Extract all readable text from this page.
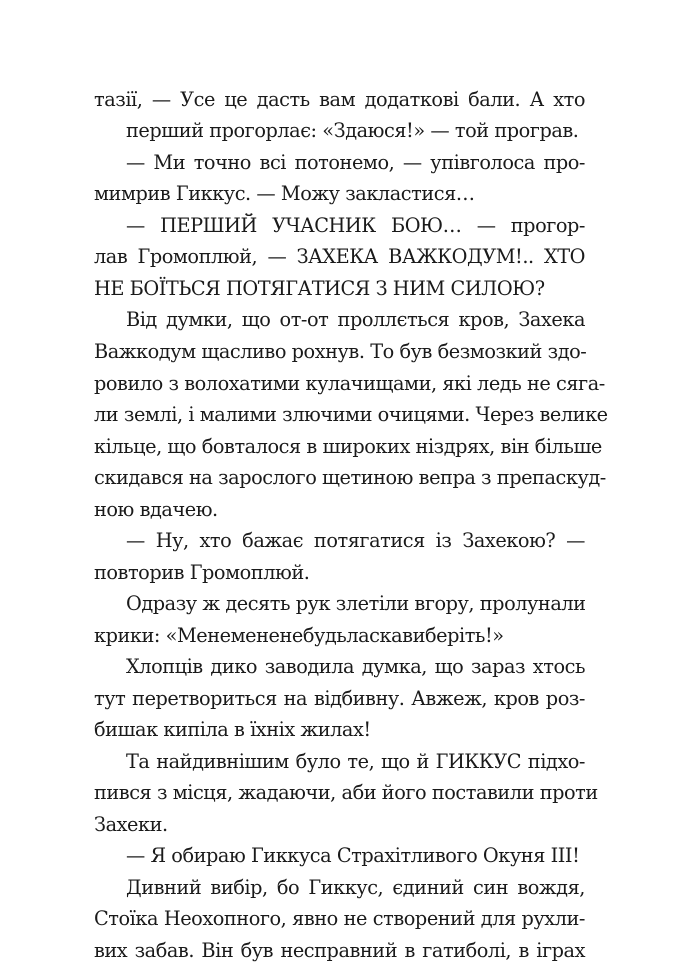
тазії, — Усе це дасть вам додаткові бали. А хто
перший прогорлає: «Здаюся!» — той програв.
— Ми точно всі потонемо, — упівголоса про-
мимрив Гиккус. — Можу закластися…
— ПЕРШИЙ УЧАСНИК БОЮ… — прогор-
лав Громоплюй, — ЗАХЕКА ВАЖКОДУМ!.. ХТО
НЕ БОЇТЬСЯ ПОТЯГАТИСЯ З НИМ СИЛОЮ?
Від думки, що от-от проллється кров, Захека
Важкодум щасливо рохнув. То був безмозкий здо-
ровило з волохатими кулачищами, які ледь не сяга-
ли землі, і малими злючими очицями. Через велике
кільце, що бовталося в широких ніздрях, він більше
скидався на зарослого щетиною вепра з препаскуд-
ною вдачею.
— Ну, хто бажає потягатися із Захекою? —
повторив Громоплюй.
Одразу ж десять рук злетіли вгору, пролунали
крики: «Менемененебудьласкавиберіть!»
Хлопців дико заводила думка, що зараз хтось
тут перетвориться на відбивну. Авжеж, кров роз-
бишак кипіла в їхніх жилах!
Та найдивнішим було те, що й ГИККУС підхо-
пився з місця, жадаючи, аби його поставили проти
Захеки.
— Я обираю Гиккуса Страхітливого Окуня ІІІ!
Дивний вибір, бо Гиккус, єдиний син вождя,
Стоїка Неохопного, явно не створений для рухли-
вих забав. Він був несправний в гатиболі, в іграх
